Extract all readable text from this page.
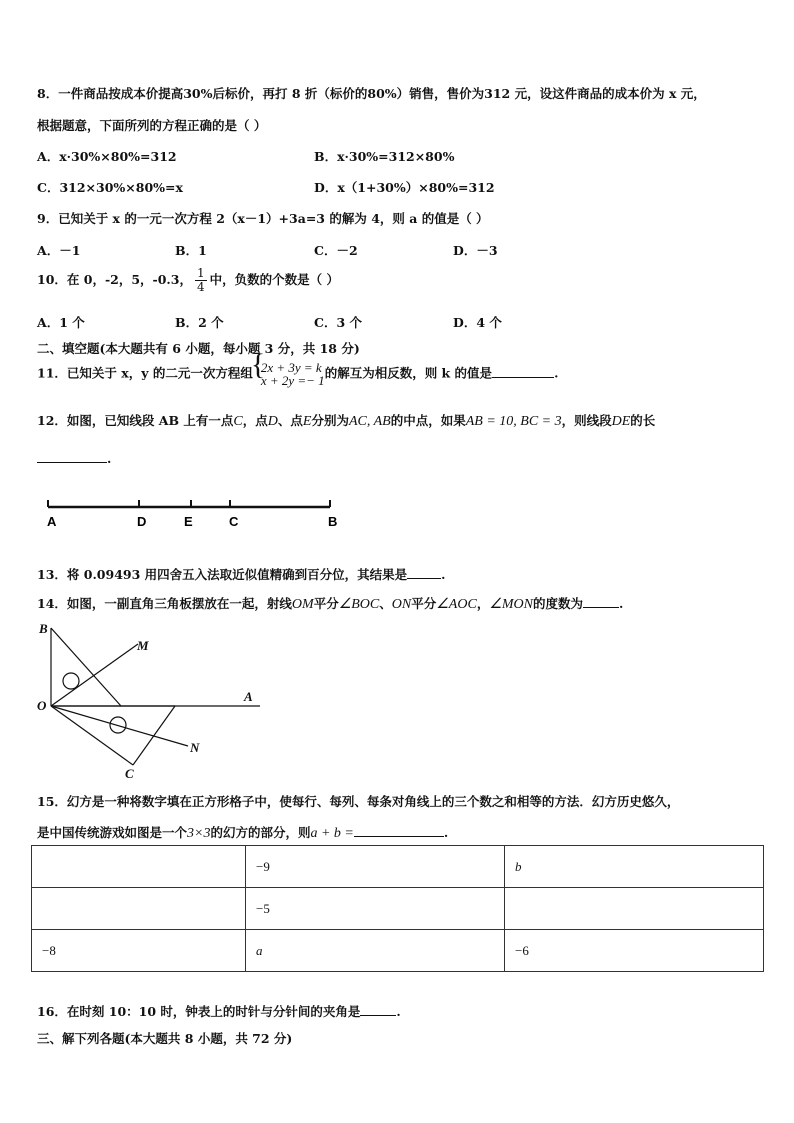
8．一件商品按成本价提高30%后标价，再打 8 折（标价的80%）销售，售价为312 元，设这件商品的成本价为 x 元，
根据题意，下面所列的方程正确的是（ ）
A．x·30%×80%=312	B．x·30%=312×80%
C．312×30%×80%=x	D．x（1+30%）×80%=312
9．已知关于 x 的一元一次方程 2（x－1）+3a=3 的解为 4，则 a 的值是（ ）
A．－1	B．1	C．－2	D．－3
10．在 0，-2，5，-0.3， $\frac{1}{4}$ 中，负数的个数是（ ）
A．1 个	B．2 个	C．3 个	D．4 个
二、填空题(本大题共有 6 小题，每小题 3 分，共 18 分)
11．已知关于 x，y 的二元一次方程组 { 2x + 3y = k
x + 2y =− 1 的解互为相反数，则 k 的值是	.
12．如图，已知线段 AB 上有一点C，点D、点E分别为AC, AB的中点，如果AB = 10, BC = 3，则线段DE的长
.
A	D	E	C	B
13．将 0.09493 用四舍五入法取近似值精确到百分位，其结果是	.
14．如图，一副直角三角板摆放在一起，射线OM平分∠BOC、ON平分∠AOC，∠MON的度数为	.
B
M
O
A
N
C
15．幻方是一种将数字填在正方形格子中，使每行、每列、每条对角线上的三个数之和相等的方法．幻方历史悠久，
是中国传统游戏如图是一个3×3的幻方的部分，则a + b =	.
	−9	b
	−5	
−8	a	−6
16．在时刻 10：10 时，钟表上的时针与分针间的夹角是	.
三、解下列各题(本大题共 8 小题，共 72 分)
